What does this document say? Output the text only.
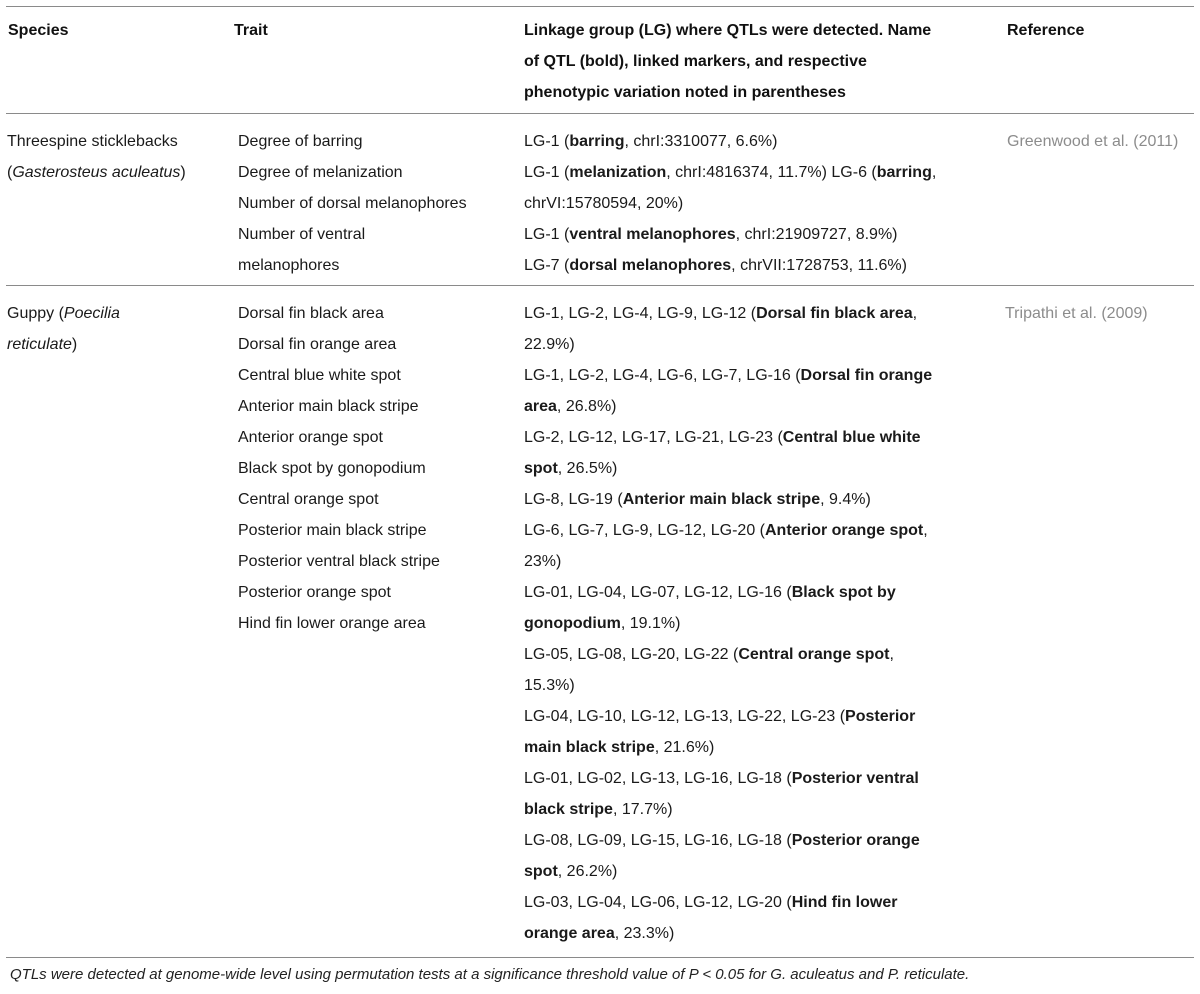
Species	Trait	Linkage group (LG) where QTLs were detected. Name
of QTL (bold), linked markers, and respective
phenotypic variation noted in parentheses
Reference
Threespine sticklebacks
(Gasterosteus aculeatus)
Degree of barring
Degree of melanization
Number of dorsal melanophores
Number of ventral
melanophores
LG-1 (barring, chrI:3310077, 6.6%)
LG-1 (melanization, chrI:4816374, 11.7%) LG-6 (barring,
chrVI:15780594, 20%)
LG-1 (ventral melanophores, chrI:21909727, 8.9%)
LG-7 (dorsal melanophores, chrVII:1728753, 11.6%)
Greenwood et al. (2011)
Guppy (Poecilia
reticulate)
Dorsal fin black area
Dorsal fin orange area
Central blue white spot
Anterior main black stripe
Anterior orange spot
Black spot by gonopodium
Central orange spot
Posterior main black stripe
Posterior ventral black stripe
Posterior orange spot
Hind fin lower orange area
LG-1, LG-2, LG-4, LG-9, LG-12 (Dorsal fin black area,
22.9%)
LG-1, LG-2, LG-4, LG-6, LG-7, LG-16 (Dorsal fin orange
area, 26.8%)
LG-2, LG-12, LG-17, LG-21, LG-23 (Central blue white
spot, 26.5%)
LG-8, LG-19 (Anterior main black stripe, 9.4%)
LG-6, LG-7, LG-9, LG-12, LG-20 (Anterior orange spot,
23%)
LG-01, LG-04, LG-07, LG-12, LG-16 (Black spot by
gonopodium, 19.1%)
LG-05, LG-08, LG-20, LG-22 (Central orange spot,
15.3%)
LG-04, LG-10, LG-12, LG-13, LG-22, LG-23 (Posterior
main black stripe, 21.6%)
LG-01, LG-02, LG-13, LG-16, LG-18 (Posterior ventral
black stripe, 17.7%)
LG-08, LG-09, LG-15, LG-16, LG-18 (Posterior orange
spot, 26.2%)
LG-03, LG-04, LG-06, LG-12, LG-20 (Hind fin lower
orange area, 23.3%)
Tripathi et al. (2009)
QTLs were detected at genome-wide level using permutation tests at a significance threshold value of P < 0.05 for G. aculeatus and P. reticulate.
